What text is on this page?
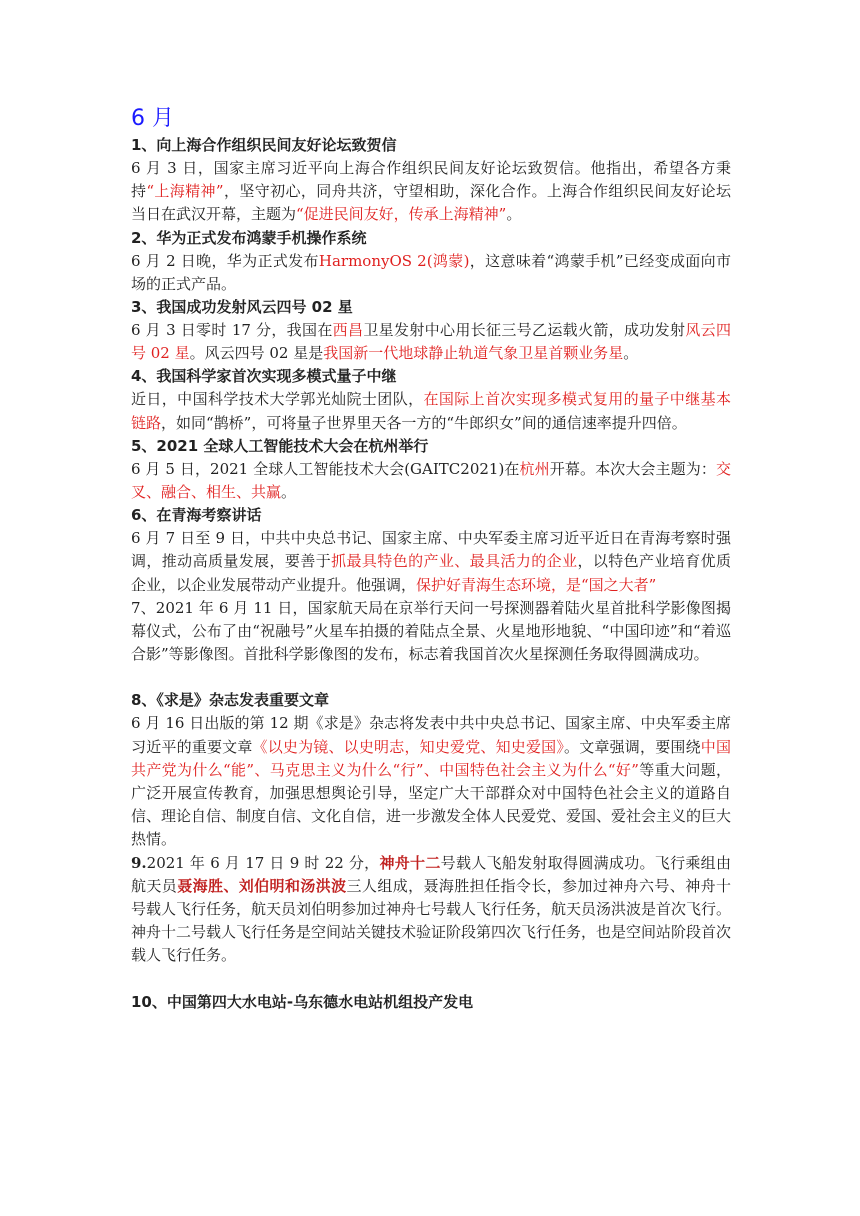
6 月
1、向上海合作组织民间友好论坛致贺信
6 月 3 日，国家主席习近平向上海合作组织民间友好论坛致贺信。他指出，希望各方秉持“上海精神”，坚守初心，同舟共济，守望相助，深化合作。上海合作组织民间友好论坛当日在武汉开幕，主题为“促进民间友好，传承上海精神”。
2、华为正式发布鸿蒙手机操作系统
6 月 2 日晚，华为正式发布HarmonyOS 2(鸿蒙)，这意味着“鸿蒙手机”已经变成面向市场的正式产品。
3、我国成功发射风云四号 02 星
6 月 3 日零时 17 分，我国在西昌卫星发射中心用长征三号乙运载火箭，成功发射风云四号 02 星。风云四号 02 星是我国新一代地球静止轨道气象卫星首颗业务星。
4、我国科学家首次实现多模式量子中继
近日，中国科学技术大学郭光灿院士团队，在国际上首次实现多模式复用的量子中继基本链路，如同“鹊桥”，可将量子世界里天各一方的“牛郎织女”间的通信速率提升四倍。
5、2021 全球人工智能技术大会在杭州举行
6 月 5 日，2021 全球人工智能技术大会(GAITC2021)在杭州开幕。本次大会主题为：交叉、融合、相生、共赢。
6、在青海考察讲话
6 月 7 日至 9 日，中共中央总书记、国家主席、中央军委主席习近平近日在青海考察时强调，推动高质量发展，要善于抓最具特色的产业、最具活力的企业，以特色产业培育优质企业，以企业发展带动产业提升。他强调，保护好青海生态环境，是“国之大者”
7、2021 年 6 月 11 日，国家航天局在京举行天问一号探测器着陆火星首批科学影像图揭幕仪式，公布了由“祝融号”火星车拍摄的着陆点全景、火星地形地貌、“中国印迹”和“着巡合影”等影像图。首批科学影像图的发布，标志着我国首次火星探测任务取得圆满成功。
8、《求是》杂志发表重要文章
6 月 16 日出版的第 12 期《求是》杂志将发表中共中央总书记、国家主席、中央军委主席习近平的重要文章《以史为镜、以史明志，知史爱党、知史爱国》。文章强调，要围绕中国共产党为什么“能”、马克思主义为什么“行”、中国特色社会主义为什么“好”等重大问题，广泛开展宣传教育，加强思想舆论引导，坚定广大干部群众对中国特色社会主义的道路自信、理论自信、制度自信、文化自信，进一步激发全体人民爱党、爱国、爱社会主义的巨大热情。
9.2021 年 6 月 17 日 9 时 22 分，神舟十二号载人飞船发射取得圆满成功。飞行乘组由航天员聂海胜、刘伯明和汤洪波三人组成，聂海胜担任指令长，参加过神舟六号、神舟十号载人飞行任务，航天员刘伯明参加过神舟七号载人飞行任务，航天员汤洪波是首次飞行。神舟十二号载人飞行任务是空间站关键技术验证阶段第四次飞行任务，也是空间站阶段首次载人飞行任务。
10、中国第四大水电站-乌东德水电站机组投产发电
